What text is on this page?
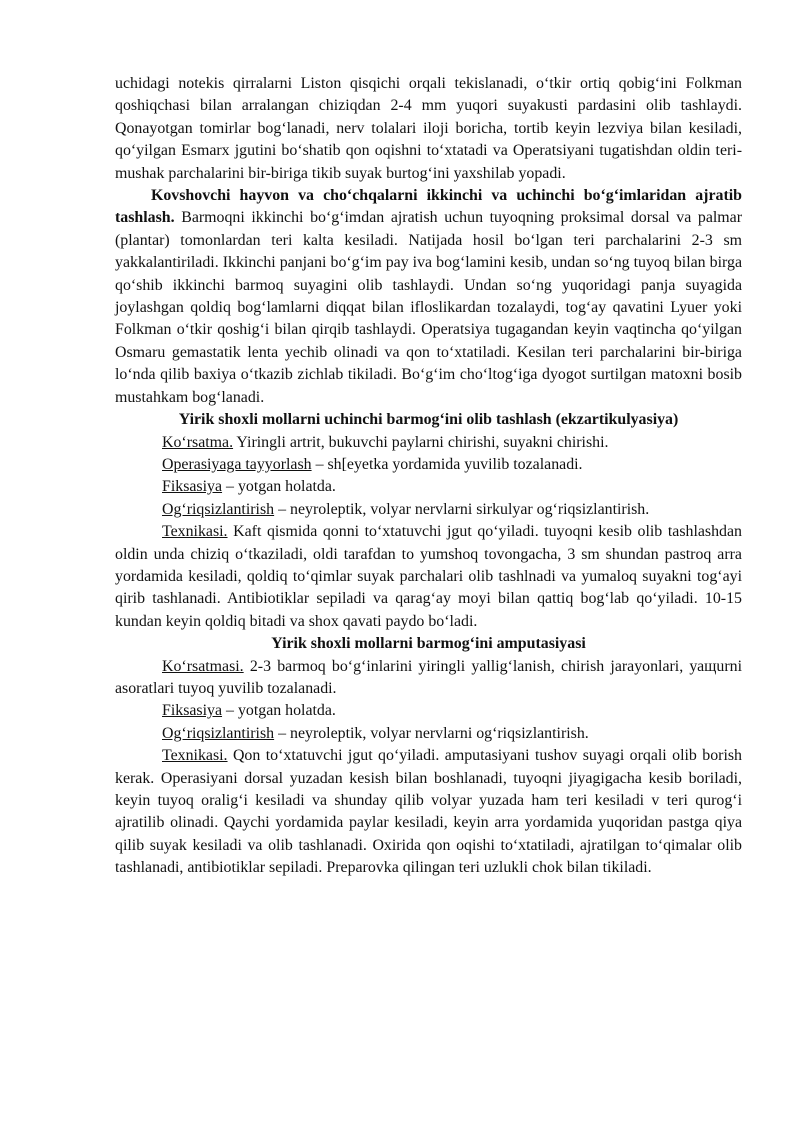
uchidagi notekis qirralarni Liston qisqichi orqali tekislanadi, o‘tkir ortiq qobig‘ini Folkman qoshiqchasi bilan arralangan chiziqdan 2-4 mm yuqori suyakusti pardasini olib tashlaydi. Qonayotgan tomirlar bog‘lanadi, nerv tolalari iloji boricha, tortib keyin lezviya bilan kesiladi, qo‘yilgan Esmarx jgutini bo‘shatib qon oqishni to‘xtatadi va Operatsiyani tugatishdan oldin teri-mushak parchalarini bir-biriga tikib suyak burtog‘ini yaxshilab yopadi.

Kovshovchi hayvon va cho‘chqalarni ikkinchi va uchinchi bo‘g‘imlaridan ajratib tashlash. Barmoqni ikkinchi bo‘g‘imdan ajratish uchun tuyoqning proksimal dorsal va palmar (plantar) tomonlardan teri kalta kesiladi. Natijada hosil bo‘lgan teri parchalarini 2-3 sm yakkalantiriladi. Ikkinchi panjani bo‘g‘im pay iva bog‘lamini kesib, undan so‘ng tuyoq bilan birga qo‘shib ikkinchi barmoq suyagini olib tashlaydi. Undan so‘ng yuqoridagi panja suyagida joylashgan qoldiq bog‘lamlarni diqqat bilan ifloslikardan tozalaydi, tog‘ay qavatini Lyuer yoki Folkman o‘tkir qoshig‘i bilan qirqib tashlaydi. Operatsiya tugagandan keyin vaqtincha qo‘yilgan Osmaru gemastatik lenta yechib olinadi va qon to‘xtatiladi. Kesilan teri parchalarini bir-biriga lo‘nda qilib baxiya o‘tkazib zichlab tikiladi. Bo‘g‘im cho‘ltog‘iga dyogot surtilgan matoxni bosib mustahkam bog‘lanadi.

Yirik shoxli mollarni uchinchi barmog‘ini olib tashlash (ekzartikulyasiya)

Ko‘rsatma. Yiringli artrit, bukuvchi paylarni chirishi, suyakni chirishi.

Operasiyaga tayyorlash – sh[eyetka yordamida yuvilib tozalanadi.

Fiksasiya – yotgan holatda.

Og‘riqsizlantirish – neyroleptik, volyar nervlarni sirkulyar og‘riqsizlantirish.

Texnikasi. Kaft qismida qonni to‘xtatuvchi jgut qo‘yiladi. tuyoqni kesib olib tashlashdan oldin unda chiziq o‘tkaziladi, oldi tarafdan to yumshoq tovongacha, 3 sm shundan pastroq arra yordamida kesiladi, qoldiq to‘qimlar suyak parchalari olib tashlnadi va yumaloq suyakni tog‘ayi qirib tashlanadi. Antibiotiklar sepiladi va qarag‘ay moyi bilan qattiq bog‘lab qo‘yiladi. 10-15 kundan keyin qoldiq bitadi va shox qavati paydo bo‘ladi.

Yirik shoxli mollarni barmog‘ini amputasiyasi

Ko‘rsatmasi. 2-3 barmoq bo‘g‘inlarini yiringli yallig‘lanish, chirish jarayonlari, уащurni asoratlari tuyoq yuvilib tozalanadi.

Fiksasiya – yotgan holatda.

Og‘riqsizlantirish – neyroleptik, volyar nervlarni og‘riqsizlantirish.

Texnikasi. Qon to‘xtatuvchi jgut qo‘yiladi. amputasiyani tushov suyagi orqali olib borish kerak. Operasiyani dorsal yuzadan kesish bilan boshlanadi, tuyoqni jiyagigacha kesib boriladi, keyin tuyoq oralig‘i kesiladi va shunday qilib volyar yuzada ham teri kesiladi v teri qurog‘i ajratilib olinadi. Qaychi yordamida paylar kesiladi, keyin arra yordamida yuqoridan pastga qiya qilib suyak kesiladi va olib tashlanadi. Oxirida qon oqishi to‘xtatiladi, ajratilgan to‘qimalar olib tashlanadi, antibiotiklar sepiladi. Preparovka qilingan teri uzlukli chok bilan tikiladi.
